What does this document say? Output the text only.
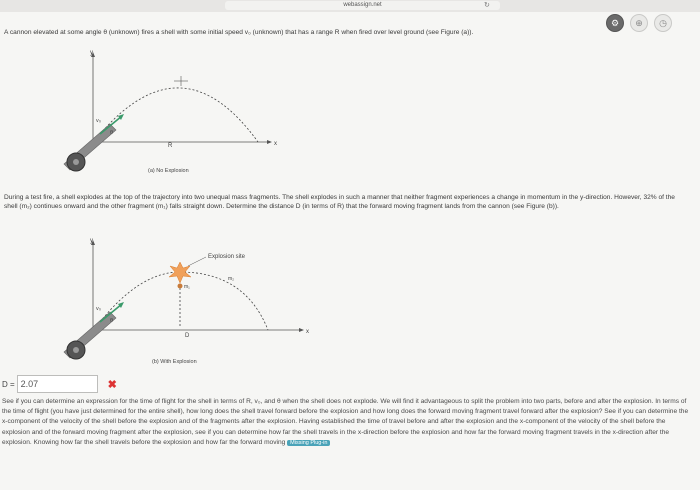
webassign.net	↻
⚙	⊕	◷
A cannon elevated at some angle θ (unknown) fires a shell with some initial speed v₀ (unknown) that has a range R when fired over level ground (see Figure (a)).
y
x
R
v₀
θ
(a) No Explosion
During a test fire, a shell explodes at the top of the trajectory into two unequal mass fragments. The shell explodes in such a manner that neither fragment experiences a change in momentum in the y-direction. However, 32% of the shell (m₂) continues onward and the other fragment (m₁) falls straight down. Determine the distance D (in terms of R) that the forward moving fragment lands from the cannon (see Figure (b)).
y
x
Explosion site
m₁
m₂
D
v₀
θ
(b) With Explosion
D = 2.07	✖
See if you can determine an expression for the time of flight for the shell in terms of R, v₀, and θ when the shell does not explode. We will find it advantageous to split the problem into two parts, before and after the explosion. In terms of the time of flight (you have just determined for the entire shell), how long does the shell travel forward before the explosion and how long does the forward moving fragment travel forward after the explosion? See if you can determine the x-component of the velocity of the shell before the explosion and of the fragments after the explosion. Having established the time of travel before and after the explosion and the x-component of the velocity of the shell before the explosion and of the forward moving fragment after the explosion, see if you can determine how far the shell travels in the x-direction before the explosion and how far the forward moving fragment travels in the x-direction after the explosion. Knowing how far the shell travels before the explosion and how far the forward moving Missing Plug-in
